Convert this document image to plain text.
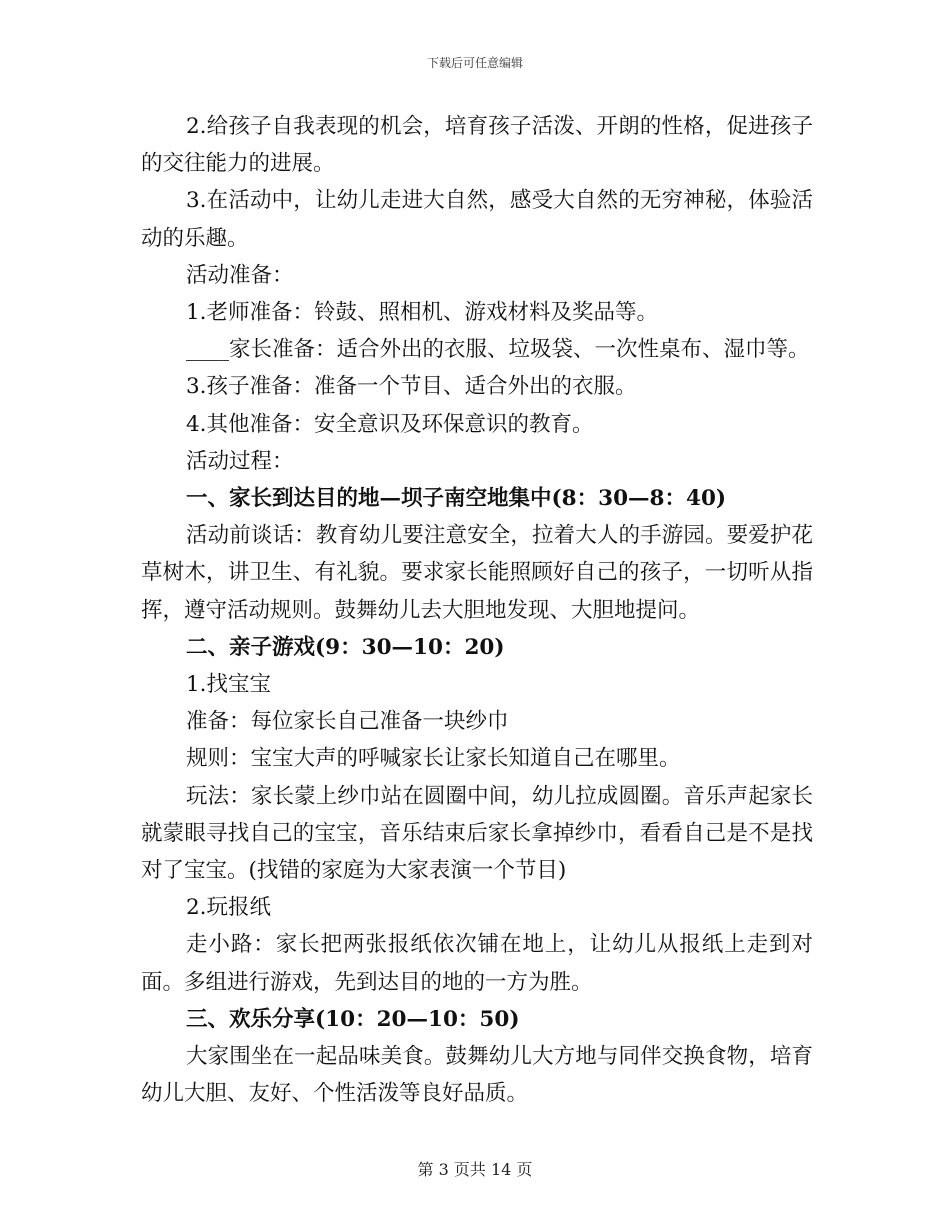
下载后可任意编辑

2.给孩子自我表现的机会，培育孩子活泼、开朗的性格，促进孩子的交往能力的进展。

3.在活动中，让幼儿走进大自然，感受大自然的无穷神秘，体验活动的乐趣。

活动准备：

1.老师准备：铃鼓、照相机、游戏材料及奖品等。

____家长准备：适合外出的衣服、垃圾袋、一次性桌布、湿巾等。

3.孩子准备：准备一个节目、适合外出的衣服。

4.其他准备：安全意识及环保意识的教育。

活动过程：

一、家长到达目的地—坝子南空地集中(8：30—8：40)

活动前谈话：教育幼儿要注意安全，拉着大人的手游园。要爱护花草树木，讲卫生、有礼貌。要求家长能照顾好自己的孩子，一切听从指挥，遵守活动规则。鼓舞幼儿去大胆地发现、大胆地提问。

二、亲子游戏(9：30—10：20)

1.找宝宝

准备：每位家长自己准备一块纱巾

规则：宝宝大声的呼喊家长让家长知道自己在哪里。

玩法：家长蒙上纱巾站在圆圈中间，幼儿拉成圆圈。音乐声起家长就蒙眼寻找自己的宝宝，音乐结束后家长拿掉纱巾，看看自己是不是找对了宝宝。(找错的家庭为大家表演一个节目)

2.玩报纸

走小路：家长把两张报纸依次铺在地上，让幼儿从报纸上走到对面。多组进行游戏，先到达目的地的一方为胜。

三、欢乐分享(10：20—10：50)

大家围坐在一起品味美食。鼓舞幼儿大方地与同伴交换食物，培育幼儿大胆、友好、个性活泼等良好品质。

第 3 页共 14 页
